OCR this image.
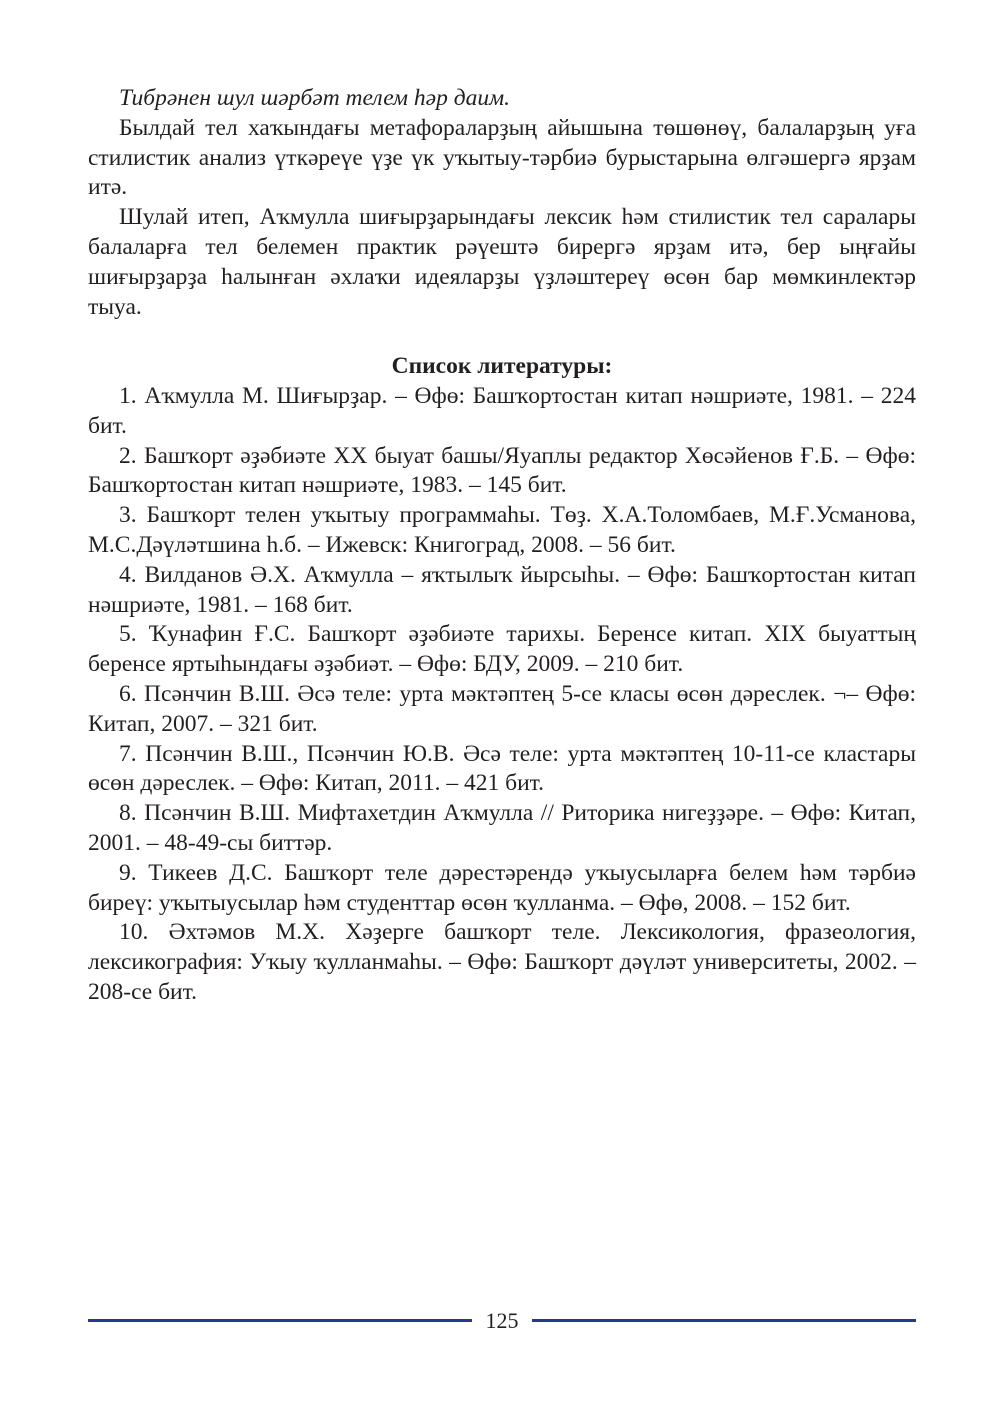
Тибрәнен шул шәрбәт телем һәр даим.

Былдай тел хаҡындағы метафораларҙың айышына төшөнөү, балаларҙың уға стилистик анализ үткәреүе үҙе үк уҡытыу-тәрбиә бурыстарына өлгәшергә ярҙам итә.

Шулай итеп, Аҡмулла шиғырҙарындағы лексик һәм стилистик тел саралары балаларға тел белемен практик рәүештә бирергә ярҙам итә, бер ыңғайы шиғырҙарҙа һалынған әхлаҡи идеяларҙы үҙләштереү өсөн бар мөмкинлектәр тыуа.

Список литературы:

1. Аҡмулла М. Шиғырҙар. – Өфө: Башҡортостан китап нәшриәте, 1981. – 224 бит.
2. Башҡорт әҙәбиәте ХХ быуат башы/Яуаплы редактор Хөсәйенов Ғ.Б. – Өфө: Башҡортостан китап нәшриәте, 1983. – 145 бит.
3. Башҡорт телен уҡытыу программаһы. Төҙ. Х.А.Толомбаев, М.Ғ.Усманова, М.С.Дәүләтшина һ.б. – Ижевск: Книгоград, 2008. – 56 бит.
4. Вилданов Ә.Х. Аҡмулла – яҡтылыҡ йырсыһы. – Өфө: Башҡортостан китап нәшриәте, 1981. – 168 бит.
5. Ҡунафин Ғ.С. Башҡорт әҙәбиәте тарихы. Беренсе китап. XIX быуаттың беренсе яртыһындағы әҙәбиәт. – Өфө: БДУ, 2009. – 210 бит.
6. Псәнчин В.Ш. Әсә теле: урта мәктәптең 5-се класы өсөн дәреслек. ¬– Өфө: Китап, 2007. – 321 бит.
7. Псәнчин В.Ш., Псәнчин Ю.В. Әсә теле: урта мәктәптең 10-11-се кластары өсөн дәреслек. – Өфө: Китап, 2011. – 421 бит.
8. Псәнчин В.Ш. Мифтахетдин Аҡмулла // Риторика нигеҙҙәре. – Өфө: Китап, 2001. – 48-49-сы биттәр.
9. Тикеев Д.С. Башҡорт теле дәрестәрендә уҡыусыларға белем һәм тәрбиә биреү: уҡытыусылар һәм студенттар өсөн ҡулланма. – Өфө, 2008. – 152 бит.
10. Әхтәмов М.Х. Хәҙерге башҡорт теле. Лексикология, фразеология, лексикография: Уҡыу ҡулланмаһы. – Өфө: Башҡорт дәүләт университеты, 2002. – 208-се бит.
125
